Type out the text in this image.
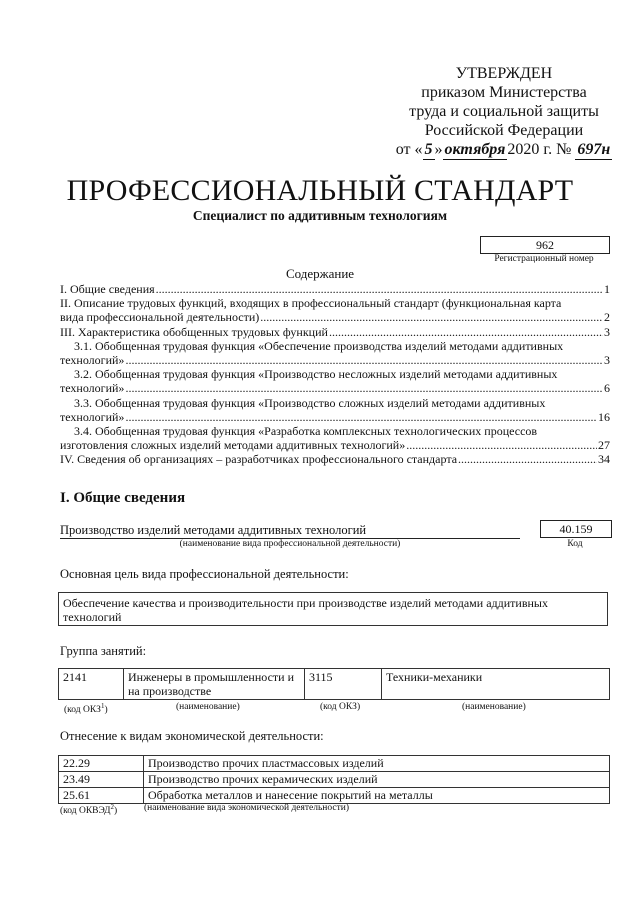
УТВЕРЖДЕН
приказом Министерства
труда и социальной защиты
Российской Федерации
от « 5 » октября 2020 г. № 697н
ПРОФЕССИОНАЛЬНЫЙ СТАНДАРТ
Специалист по аддитивным технологиям
962
Регистрационный номер
Содержание
I. Общие сведения .....	1
II. Описание трудовых функций, входящих в профессиональный стандарт (функциональная карта
вида профессиональной деятельности) .....	2
III. Характеристика обобщенных трудовых функций .....	3
3.1. Обобщенная трудовая функция «Обеспечение производства изделий методами аддитивных
технологий» .....	3
3.2. Обобщенная трудовая функция «Производство несложных изделий методами аддитивных
технологий» .....	6
3.3. Обобщенная трудовая функция «Производство сложных изделий методами аддитивных
технологий» .....	16
3.4. Обобщенная трудовая функция «Разработка комплексных технологических процессов
изготовления сложных изделий методами аддитивных технологий» .....	27
IV. Сведения об организациях – разработчиках профессионального стандарта .....	34
I. Общие сведения
Производство изделий методами аддитивных технологий
(наименование вида профессиональной деятельности)
40.159
Код
Основная цель вида профессиональной деятельности:
Обеспечение качества и производительности при производстве изделий методами аддитивных технологий
Группа занятий:
2141	Инженеры в промышленности и на производстве	3115	Техники-механики
(код ОКЗ$^1$)	(наименование)	(код ОКЗ)	(наименование)
Отнесение к видам экономической деятельности:
22.29	Производство прочих пластмассовых изделий
23.49	Производство прочих керамических изделий
25.61	Обработка металлов и нанесение покрытий на металлы
(код ОКВЭД$^2$)	(наименование вида экономической деятельности)
